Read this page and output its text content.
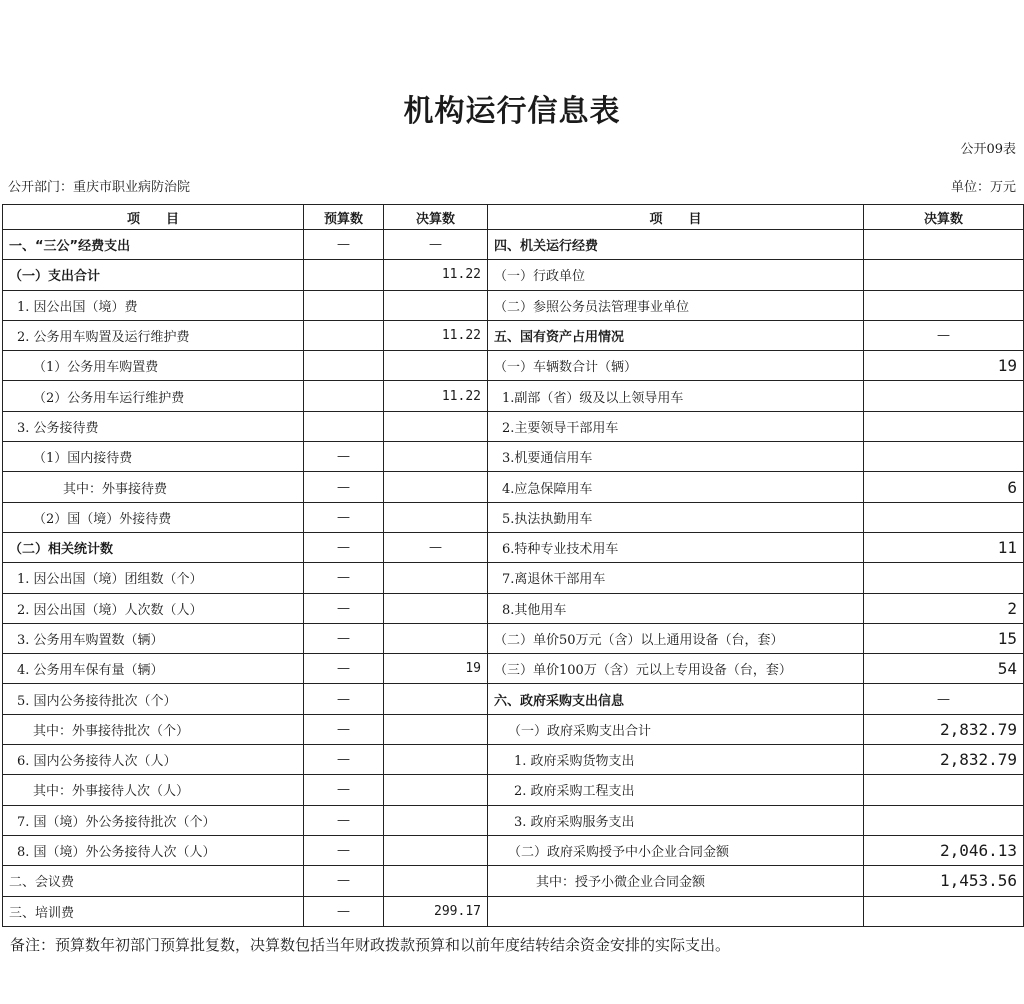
机构运行信息表
公开09表
公开部门：重庆市职业病防治院	单位：万元
项　　目	预算数	决算数	项　　目	决算数
一、“三公”经费支出	—	—	四、机关运行经费	
（一）支出合计		11.22	（一）行政单位	
1. 因公出国（境）费			（二）参照公务员法管理事业单位	
2. 公务用车购置及运行维护费		11.22	五、国有资产占用情况	—
（1）公务用车购置费			（一）车辆数合计（辆）	19
（2）公务用车运行维护费		11.22	1.副部（省）级及以上领导用车	
3. 公务接待费			2.主要领导干部用车	
（1）国内接待费	—		3.机要通信用车	
其中：外事接待费	—		4.应急保障用车	6
（2）国（境）外接待费	—		5.执法执勤用车	
（二）相关统计数	—	—	6.特种专业技术用车	11
1. 因公出国（境）团组数（个）	—		7.离退休干部用车	
2. 因公出国（境）人次数（人）	—		8.其他用车	2
3. 公务用车购置数（辆）	—		（二）单价50万元（含）以上通用设备（台，套）	15
4. 公务用车保有量（辆）	—	19	（三）单价100万（含）元以上专用设备（台，套）	54
5. 国内公务接待批次（个）	—		六、政府采购支出信息	—
其中：外事接待批次（个）	—		（一）政府采购支出合计	2,832.79
6. 国内公务接待人次（人）	—		1. 政府采购货物支出	2,832.79
其中：外事接待人次（人）	—		2. 政府采购工程支出	
7. 国（境）外公务接待批次（个）	—		3. 政府采购服务支出	
8. 国（境）外公务接待人次（人）	—		（二）政府采购授予中小企业合同金额	2,046.13
二、会议费	—		其中：授予小微企业合同金额	1,453.56
三、培训费	—	299.17		
备注：预算数年初部门预算批复数，决算数包括当年财政拨款预算和以前年度结转结余资金安排的实际支出。
